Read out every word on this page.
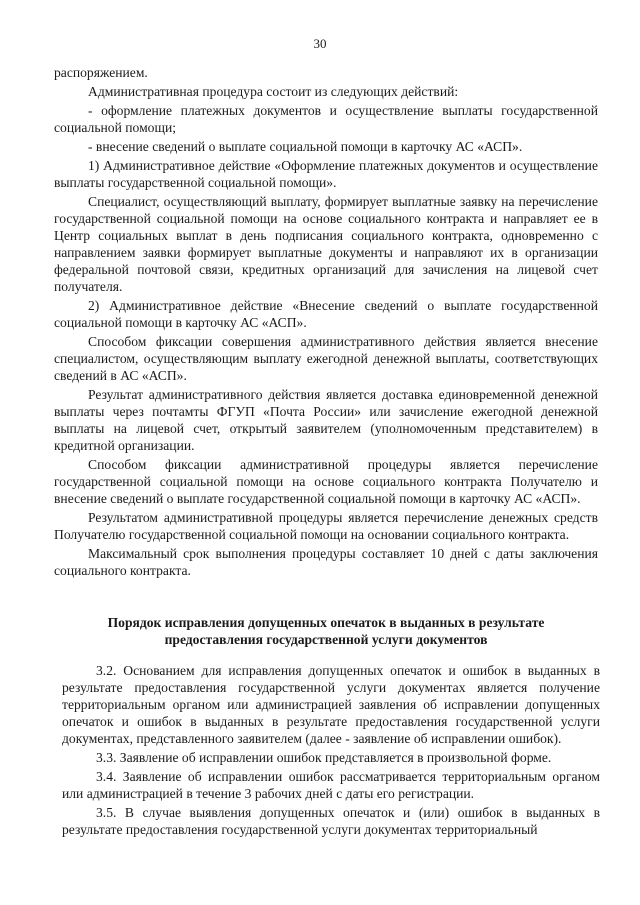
30

распоряжением.

Административная процедура состоит из следующих действий:

- оформление платежных документов и осуществление выплаты государственной социальной помощи;

- внесение сведений о выплате социальной помощи в карточку АС «АСП».

1) Административное действие «Оформление платежных документов и осуществление выплаты государственной социальной помощи».

Специалист, осуществляющий выплату, формирует выплатные заявку на перечисление государственной социальной помощи на основе социального контракта и направляет ее в Центр социальных выплат в день подписания социального контракта, одновременно с направлением заявки формирует выплатные документы и направляют их в организации федеральной почтовой связи, кредитных организаций для зачисления на лицевой счет получателя.

2) Административное действие «Внесение сведений о выплате государственной социальной помощи в карточку АС «АСП».

Способом фиксации совершения административного действия является внесение специалистом, осуществляющим выплату ежегодной денежной выплаты, соответствующих сведений в АС «АСП».

Результат административного действия является доставка единовременной денежной выплаты через почтамты ФГУП «Почта России» или зачисление ежегодной денежной выплаты на лицевой счет, открытый заявителем (уполномоченным представителем) в кредитной организации.

Способом фиксации административной процедуры является перечисление государственной социальной помощи на основе социального контракта Получателю и внесение сведений о выплате государственной социальной помощи в карточку АС «АСП».

Результатом административной процедуры является перечисление денежных средств Получателю государственной социальной помощи на основании социального контракта.

Максимальный срок выполнения процедуры составляет 10 дней с даты заключения социального контракта.

Порядок исправления допущенных опечаток в выданных в результате
предоставления государственной услуги документов

3.2. Основанием для исправления допущенных опечаток и ошибок в выданных в результате предоставления государственной услуги документах является получение территориальным органом или администрацией заявления об исправлении допущенных опечаток и ошибок в выданных в результате предоставления государственной услуги документах, представленного заявителем (далее - заявление об исправлении ошибок).

3.3. Заявление об исправлении ошибок представляется в произвольной форме.

3.4. Заявление об исправлении ошибок рассматривается территориальным органом или администрацией в течение 3 рабочих дней с даты его регистрации.

3.5. В случае выявления допущенных опечаток и (или) ошибок в выданных в результате предоставления государственной услуги документах территориальный
